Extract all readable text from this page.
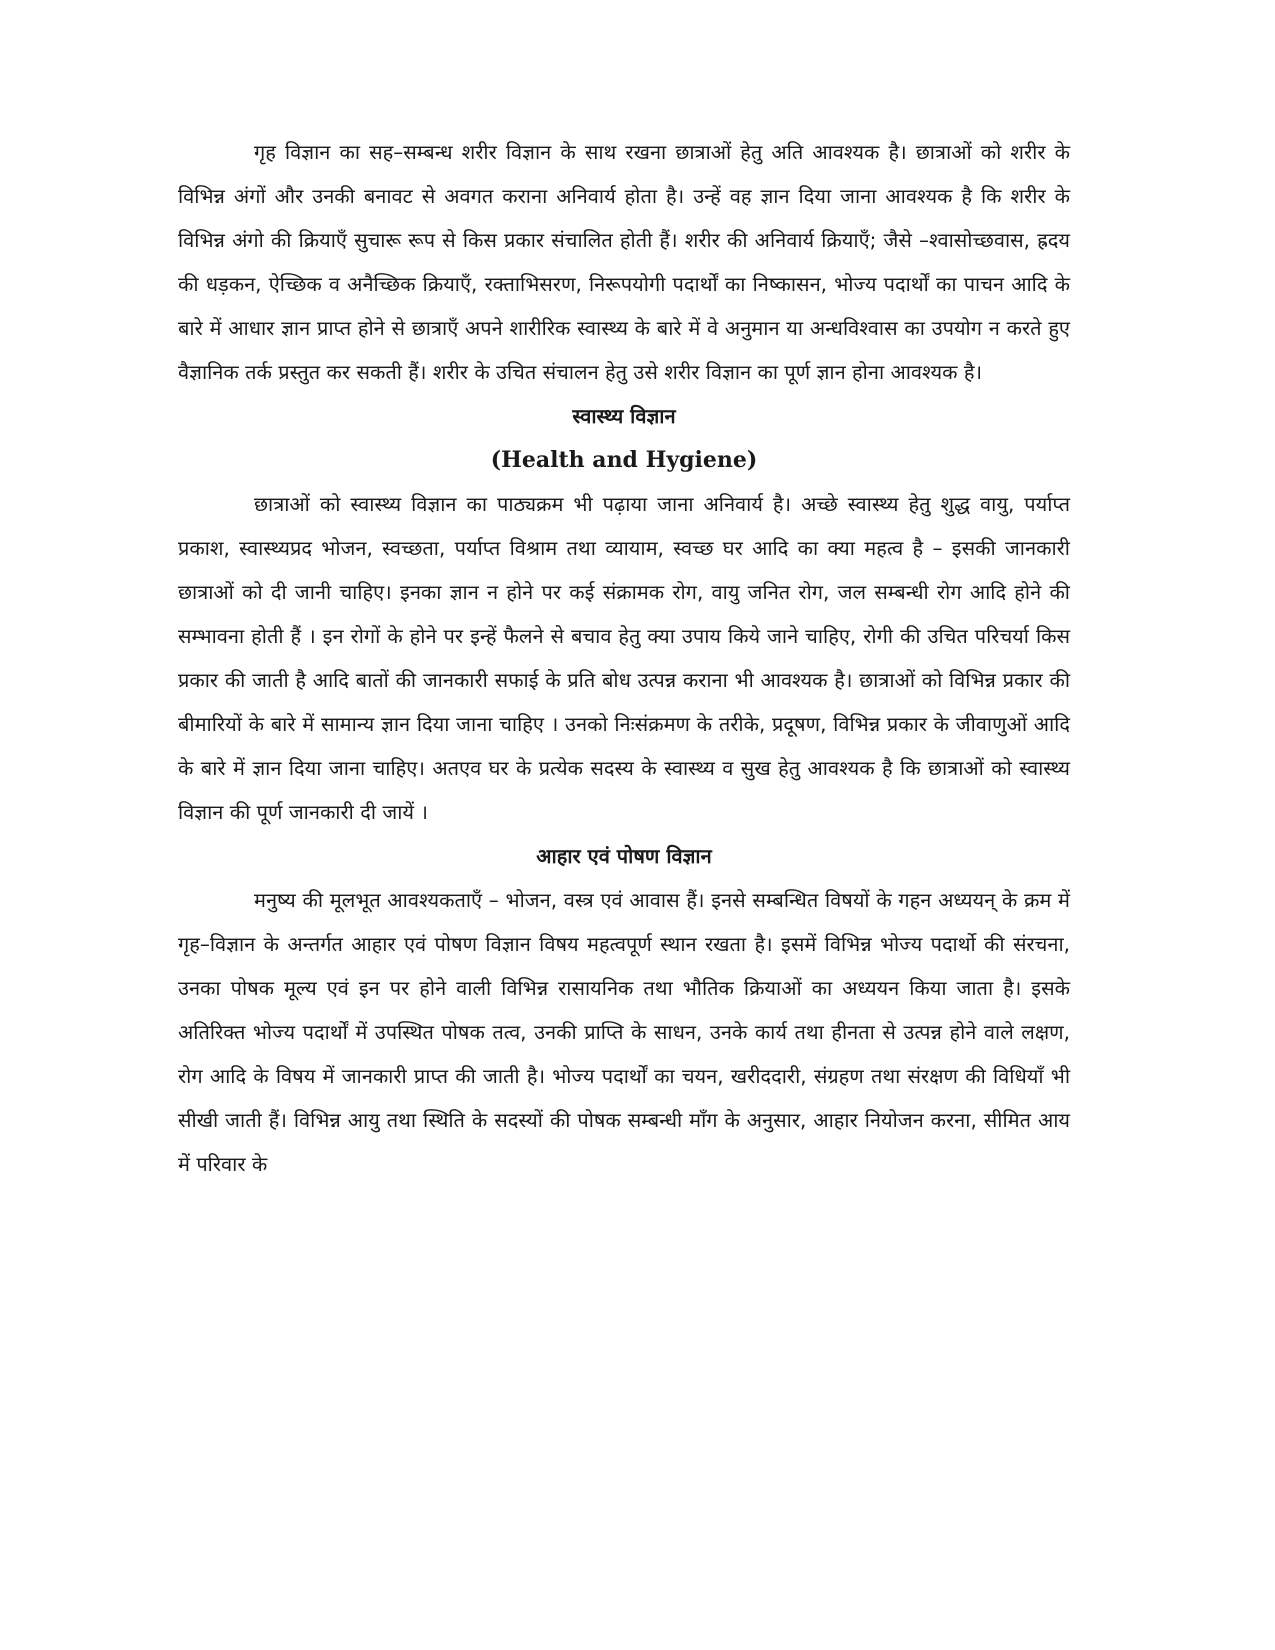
गृह विज्ञान का सह–सम्बन्ध शरीर विज्ञान के साथ रखना छात्राओं हेतु अति आवश्यक है। छात्राओं को शरीर के विभिन्न अंगों और उनकी बनावट से अवगत कराना अनिवार्य होता है। उन्हें वह ज्ञान दिया जाना आवश्यक है कि शरीर के विभिन्न अंगो की क्रियाएँ सुचारू रूप से किस प्रकार संचालित होती हैं। शरीर की अनिवार्य क्रियाएँ; जैसे –श्वासोच्छवास, ह्रदय की धड़कन, ऐच्छिक व अनैच्छिक क्रियाएँ, रक्ताभिसरण, निरूपयोगी पदार्थों का निष्कासन, भोज्य पदार्थों का पाचन आदि के बारे में आधार ज्ञान प्राप्त होने से छात्राएँ अपने शारीरिक स्वास्थ्य के बारे में वे अनुमान या अन्धविश्वास का उपयोग न करते हुए वैज्ञानिक तर्क प्रस्तुत कर सकती हैं। शरीर के उचित संचालन हेतु उसे शरीर विज्ञान का पूर्ण ज्ञान होना आवश्यक है।

स्वास्थ्य विज्ञान

(Health and Hygiene)

छात्राओं को स्वास्थ्य विज्ञान का पाठ्यक्रम भी पढ़ाया जाना अनिवार्य है। अच्छे स्वास्थ्य हेतु शुद्ध वायु, पर्याप्त प्रकाश, स्वास्थ्यप्रद भोजन, स्वच्छता, पर्याप्त विश्राम तथा व्यायाम, स्वच्छ घर आदि का क्या महत्व है – इसकी जानकारी छात्राओं को दी जानी चाहिए। इनका ज्ञान न होने पर कई संक्रामक रोग, वायु जनित रोग, जल सम्बन्धी रोग आदि होने की सम्भावना होती हैं । इन रोगों के होने पर इन्हें फैलने से बचाव हेतु क्या उपाय किये जाने चाहिए, रोगी की उचित परिचर्या किस प्रकार की जाती है आदि बातों की जानकारी सफाई के प्रति बोध उत्पन्न कराना भी आवश्यक है। छात्राओं को विभिन्न प्रकार की बीमारियों के बारे में सामान्य ज्ञान दिया जाना चाहिए । उनको निःसंक्रमण के तरीके, प्रदूषण, विभिन्न प्रकार के जीवाणुओं आदि के बारे में ज्ञान दिया जाना चाहिए। अतएव घर के प्रत्येक सदस्य के स्वास्थ्य व सुख हेतु आवश्यक है कि छात्राओं को स्वास्थ्य विज्ञान की पूर्ण जानकारी दी जायें ।

आहार एवं पोषण विज्ञान

मनुष्य की मूलभूत आवश्यकताएँ – भोजन, वस्त्र एवं आवास हैं। इनसे सम्बन्धित विषयों के गहन अध्ययन् के क्रम में गृह–विज्ञान के अन्तर्गत आहार एवं पोषण विज्ञान विषय महत्वपूर्ण स्थान रखता है। इसमें विभिन्न भोज्य पदार्थो की संरचना, उनका पोषक मूल्य एवं इन पर होने वाली विभिन्न रासायनिक तथा भौतिक क्रियाओं का अध्ययन किया जाता है। इसके अतिरिक्त भोज्य पदार्थों में उपस्थित पोषक तत्व, उनकी प्राप्ति के साधन, उनके कार्य तथा हीनता से उत्पन्न होने वाले लक्षण, रोग आदि के विषय में जानकारी प्राप्त की जाती है। भोज्य पदार्थों का चयन, खरीददारी, संग्रहण तथा संरक्षण की विधियाँ भी सीखी जाती हैं। विभिन्न आयु तथा स्थिति के सदस्यों की पोषक सम्बन्धी माँग के अनुसार, आहार नियोजन करना, सीमित आय में परिवार के
